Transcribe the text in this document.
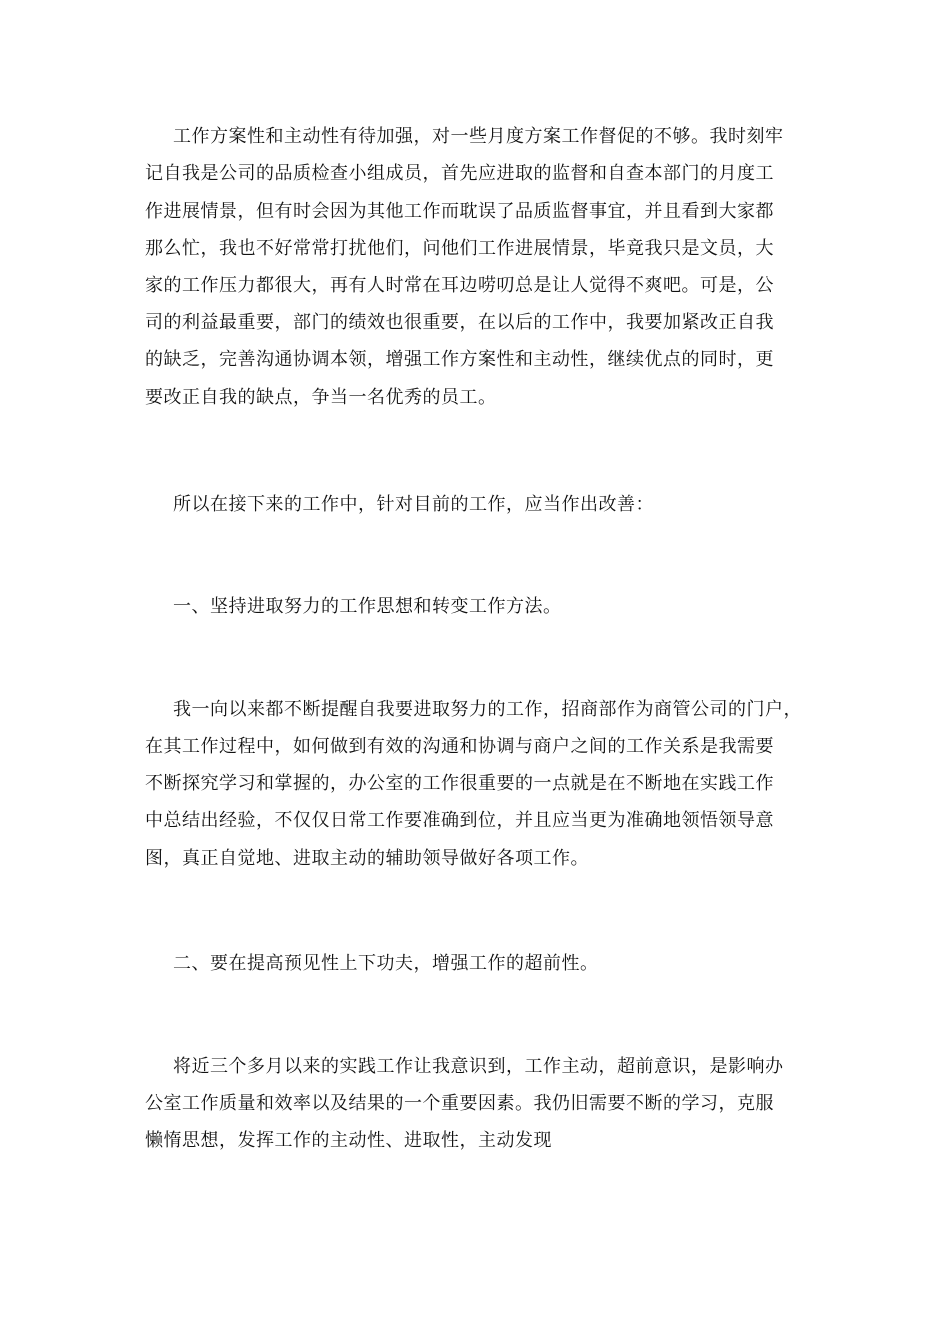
工作方案性和主动性有待加强，对一些月度方案工作督促的不够。我时刻牢
记自我是公司的品质检查小组成员，首先应进取的监督和自查本部门的月度工
作进展情景，但有时会因为其他工作而耽误了品质监督事宜，并且看到大家都
那么忙，我也不好常常打扰他们，问他们工作进展情景，毕竟我只是文员，大
家的工作压力都很大，再有人时常在耳边唠叨总是让人觉得不爽吧。可是，公
司的利益最重要，部门的绩效也很重要，在以后的工作中，我要加紧改正自我
的缺乏，完善沟通协调本领，增强工作方案性和主动性，继续优点的同时，更
要改正自我的缺点，争当一名优秀的员工。
所以在接下来的工作中，针对目前的工作，应当作出改善：
一、坚持进取努力的工作思想和转变工作方法。
我一向以来都不断提醒自我要进取努力的工作，招商部作为商管公司的门户，
在其工作过程中，如何做到有效的沟通和协调与商户之间的工作关系是我需要
不断探究学习和掌握的，办公室的工作很重要的一点就是在不断地在实践工作
中总结出经验，不仅仅日常工作要准确到位，并且应当更为准确地领悟领导意
图，真正自觉地、进取主动的辅助领导做好各项工作。
二、要在提高预见性上下功夫，增强工作的超前性。
将近三个多月以来的实践工作让我意识到，工作主动，超前意识，是影响办
公室工作质量和效率以及结果的一个重要因素。我仍旧需要不断的学习，克服
懒惰思想，发挥工作的主动性、进取性，主动发现
